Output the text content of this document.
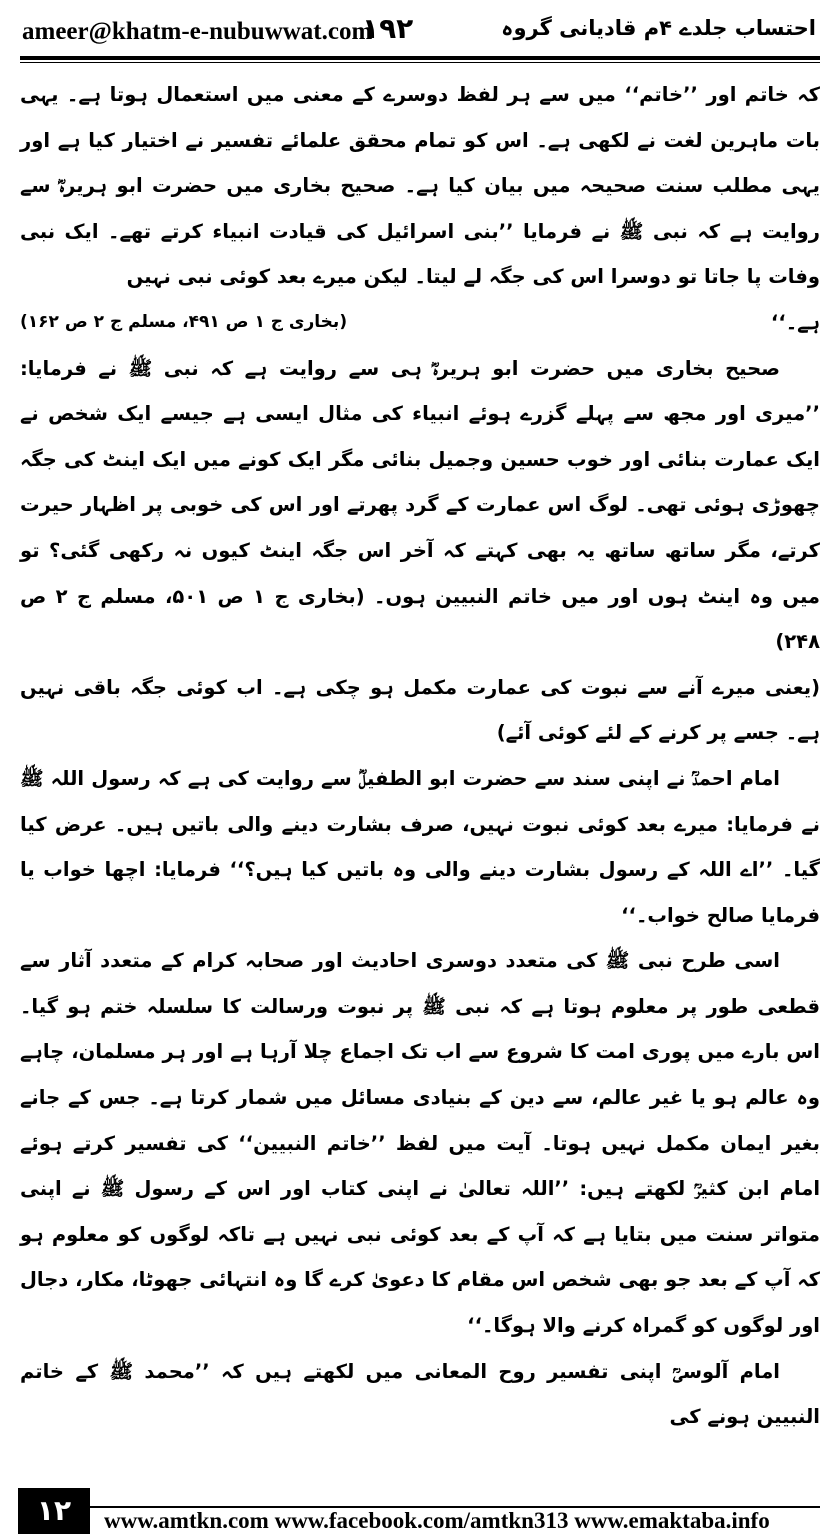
ameer@khatm-e-nubuwwat.com
۱۹۲	احتساب جلدے ۴م قادیانی گروہ

کہ خاتم اور ’’خاتم‘‘ میں سے ہر لفظ دوسرے کے معنی میں استعمال ہوتا ہے۔ یہی بات ماہرین لغت نے لکھی ہے۔ اس کو تمام محقق علمائے تفسیر نے اختیار کیا ہے اور یہی مطلب سنت صحیحہ میں بیان کیا ہے۔ صحیح بخاری میں حضرت ابو ہریرہؓ سے روایت ہے کہ نبی ﷺ نے فرمایا ’’بنی اسرائیل کی قیادت انبیاء کرتے تھے۔ ایک نبی وفات پا جاتا تو دوسرا اس کی جگہ لے لیتا۔ لیکن میرے بعد کوئی نبی نہیں

ہے۔‘‘
(بخاری ج ۱ ص ۴۹۱، مسلم ج ۲ ص ۱۶۲)

صحیح بخاری میں حضرت ابو ہریرہؓ ہی سے روایت ہے کہ نبی ﷺ نے فرمایا: ’’میری اور مجھ سے پہلے گزرے ہوئے انبیاء کی مثال ایسی ہے جیسے ایک شخص نے ایک عمارت بنائی اور خوب حسین وجمیل بنائی مگر ایک کونے میں ایک اینٹ کی جگہ چھوڑی ہوئی تھی۔ لوگ اس عمارت کے گرد پھرتے اور اس کی خوبی پر اظہار حیرت کرتے، مگر ساتھ ساتھ یہ بھی کہتے کہ آخر اس جگہ اینٹ کیوں نہ رکھی گئی؟ تو میں وہ اینٹ ہوں اور میں خاتم النبیین ہوں۔ (بخاری ج ۱ ص ۵۰۱، مسلم ج ۲ ص ۲۴۸)

(یعنی میرے آنے سے نبوت کی عمارت مکمل ہو چکی ہے۔ اب کوئی جگہ باقی نہیں ہے۔ جسے پر کرنے کے لئے کوئی آئے)

امام احمدؒ نے اپنی سند سے حضرت ابو الطفیلؓ سے روایت کی ہے کہ رسول اللہ ﷺ نے فرمایا: میرے بعد کوئی نبوت نہیں، صرف بشارت دینے والی باتیں ہیں۔ عرض کیا گیا۔ ’’اے اللہ کے رسول بشارت دینے والی وہ باتیں کیا ہیں؟‘‘ فرمایا: اچھا خواب یا فرمایا صالح خواب۔‘‘

اسی طرح نبی ﷺ کی متعدد دوسری احادیث اور صحابہ کرام کے متعدد آثار سے قطعی طور پر معلوم ہوتا ہے کہ نبی ﷺ پر نبوت ورسالت کا سلسلہ ختم ہو گیا۔ اس بارے میں پوری امت کا شروع سے اب تک اجماع چلا آرہا ہے اور ہر مسلمان، چاہے وہ عالم ہو یا غیر عالم، سے دین کے بنیادی مسائل میں شمار کرتا ہے۔ جس کے جانے بغیر ایمان مکمل نہیں ہوتا۔ آیت میں لفظ ’’خاتم النبیین‘‘ کی تفسیر کرتے ہوئے امام ابن کثیرؒ لکھتے ہیں: ’’اللہ تعالیٰ نے اپنی کتاب اور اس کے رسول ﷺ نے اپنی متواتر سنت میں بتایا ہے کہ آپ کے بعد کوئی نبی نہیں ہے تاکہ لوگوں کو معلوم ہو کہ آپ کے بعد جو بھی شخص اس مقام کا دعویٰ کرے گا وہ انتہائی جھوٹا، مکار، دجال اور لوگوں کو گمراہ کرنے والا ہوگا۔‘‘

امام آلوسیؒ اپنی تفسیر روح المعانی میں لکھتے ہیں کہ ’’محمد ﷺ کے خاتم النبیین ہونے کی

۱۲	www.amtkn.com www.facebook.com/amtkn313 www.emaktaba.info
